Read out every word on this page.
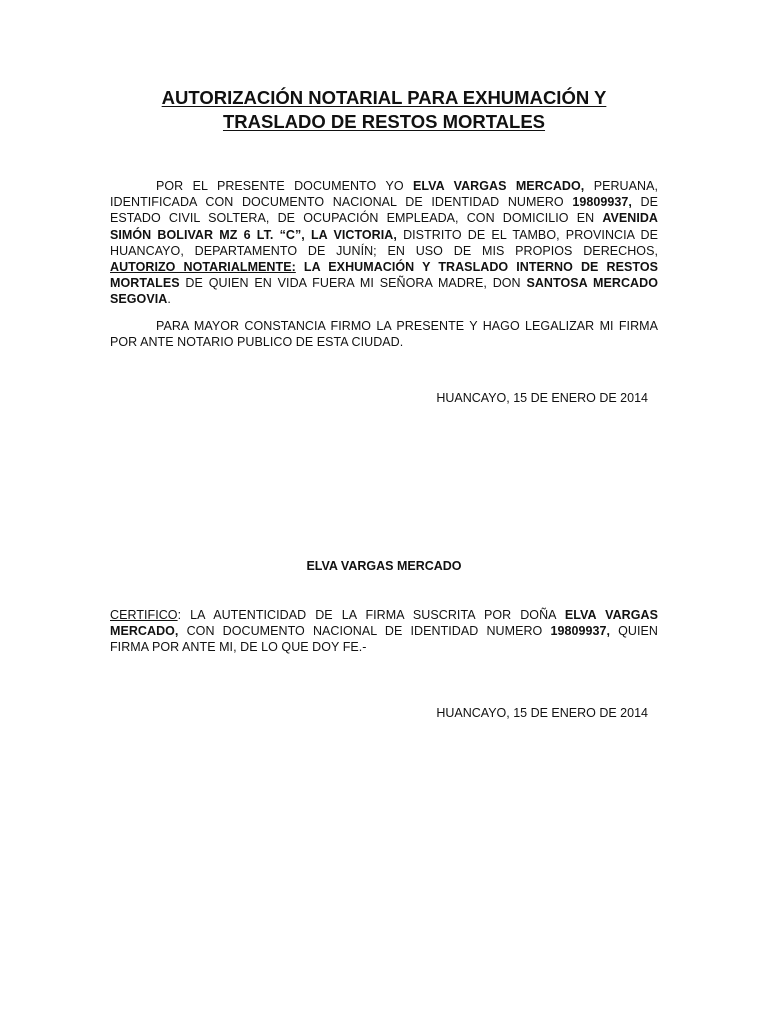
AUTORIZACIÓN NOTARIAL PARA EXHUMACIÓN Y
TRASLADO DE RESTOS MORTALES

POR EL PRESENTE DOCUMENTO YO ELVA VARGAS MERCADO, PERUANA, IDENTIFICADA CON DOCUMENTO NACIONAL DE IDENTIDAD NUMERO 19809937, DE ESTADO CIVIL SOLTERA, DE OCUPACIÓN EMPLEADA, CON DOMICILIO EN AVENIDA SIMÓN BOLIVAR MZ 6 LT. “C”, LA VICTORIA, DISTRITO DE EL TAMBO, PROVINCIA DE HUANCAYO, DEPARTAMENTO DE JUNÍN; EN USO DE MIS PROPIOS DERECHOS, AUTORIZO NOTARIALMENTE: LA EXHUMACIÓN Y TRASLADO INTERNO DE RESTOS MORTALES DE QUIEN EN VIDA FUERA MI SEÑORA MADRE, DON SANTOSA MERCADO SEGOVIA.

PARA MAYOR CONSTANCIA FIRMO LA PRESENTE Y HAGO LEGALIZAR MI FIRMA POR ANTE NOTARIO PUBLICO DE ESTA CIUDAD.

HUANCAYO, 15 DE ENERO DE 2014

ELVA VARGAS MERCADO

CERTIFICO: LA AUTENTICIDAD DE LA FIRMA SUSCRITA POR DOÑA ELVA VARGAS MERCADO, CON DOCUMENTO NACIONAL DE IDENTIDAD NUMERO 19809937, QUIEN FIRMA POR ANTE MI, DE LO QUE DOY FE.-

HUANCAYO, 15 DE ENERO DE 2014
